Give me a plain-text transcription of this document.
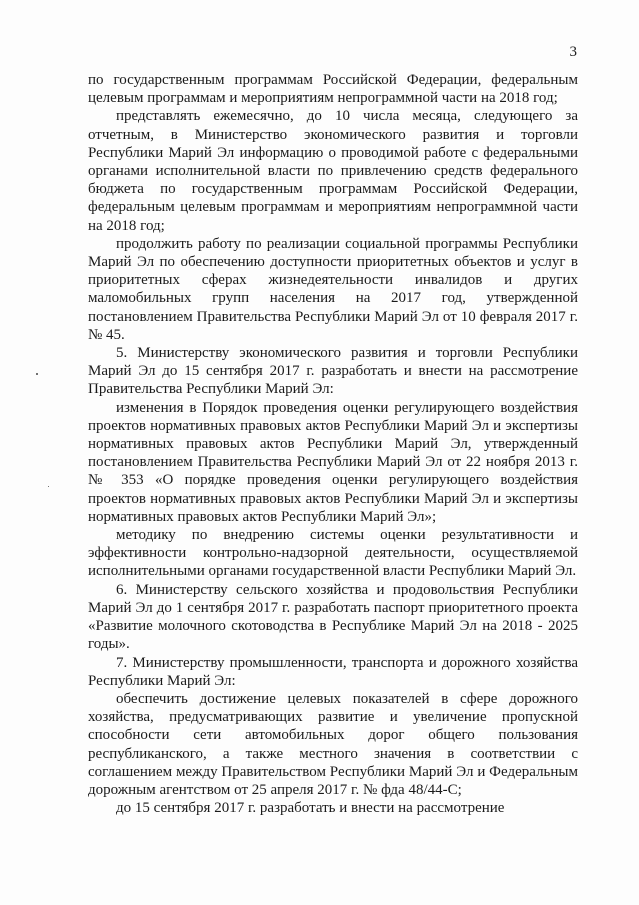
3

по государственным программам Российской Федерации, федеральным целевым программам и мероприятиям непрограммной части на 2018 год;

представлять ежемесячно, до 10 числа месяца, следующего за отчетным, в Министерство экономического развития и торговли Республики Марий Эл информацию о проводимой работе с федеральными органами исполнительной власти по привлечению средств федерального бюджета по государственным программам Российской Федерации, федеральным целевым программам и мероприятиям непрограммной части на 2018 год;

продолжить работу по реализации социальной программы Республики Марий Эл по обеспечению доступности приоритетных объектов и услуг в приоритетных сферах жизнедеятельности инвалидов и других маломобильных групп населения на 2017 год, утвержденной постановлением Правительства Республики Марий Эл от 10 февраля 2017 г. № 45.

5. Министерству экономического развития и торговли Республики Марий Эл до 15 сентября 2017 г. разработать и внести на рассмотрение Правительства Республики Марий Эл:

изменения в Порядок проведения оценки регулирующего воздействия проектов нормативных правовых актов Республики Марий Эл и экспертизы нормативных правовых актов Республики Марий Эл, утвержденный постановлением Правительства Республики Марий Эл от 22 ноября 2013 г. № 353 «О порядке проведения оценки регулирующего воздействия проектов нормативных правовых актов Республики Марий Эл и экспертизы нормативных правовых актов Республики Марий Эл»;

методику по внедрению системы оценки результативности и эффективности контрольно-надзорной деятельности, осуществляемой исполнительными органами государственной власти Республики Марий Эл.

6. Министерству сельского хозяйства и продовольствия Республики Марий Эл до 1 сентября 2017 г. разработать паспорт приоритетного проекта «Развитие молочного скотоводства в Республике Марий Эл на 2018 - 2025 годы».

7. Министерству промышленности, транспорта и дорожного хозяйства Республики Марий Эл:

обеспечить достижение целевых показателей в сфере дорожного хозяйства, предусматривающих развитие и увеличение пропускной способности сети автомобильных дорог общего пользования республиканского, а также местного значения в соответствии с соглашением между Правительством Республики Марий Эл и Федеральным дорожным агентством от 25 апреля 2017 г. № фда 48/44-С;

до 15 сентября 2017 г. разработать и внести на рассмотрение
